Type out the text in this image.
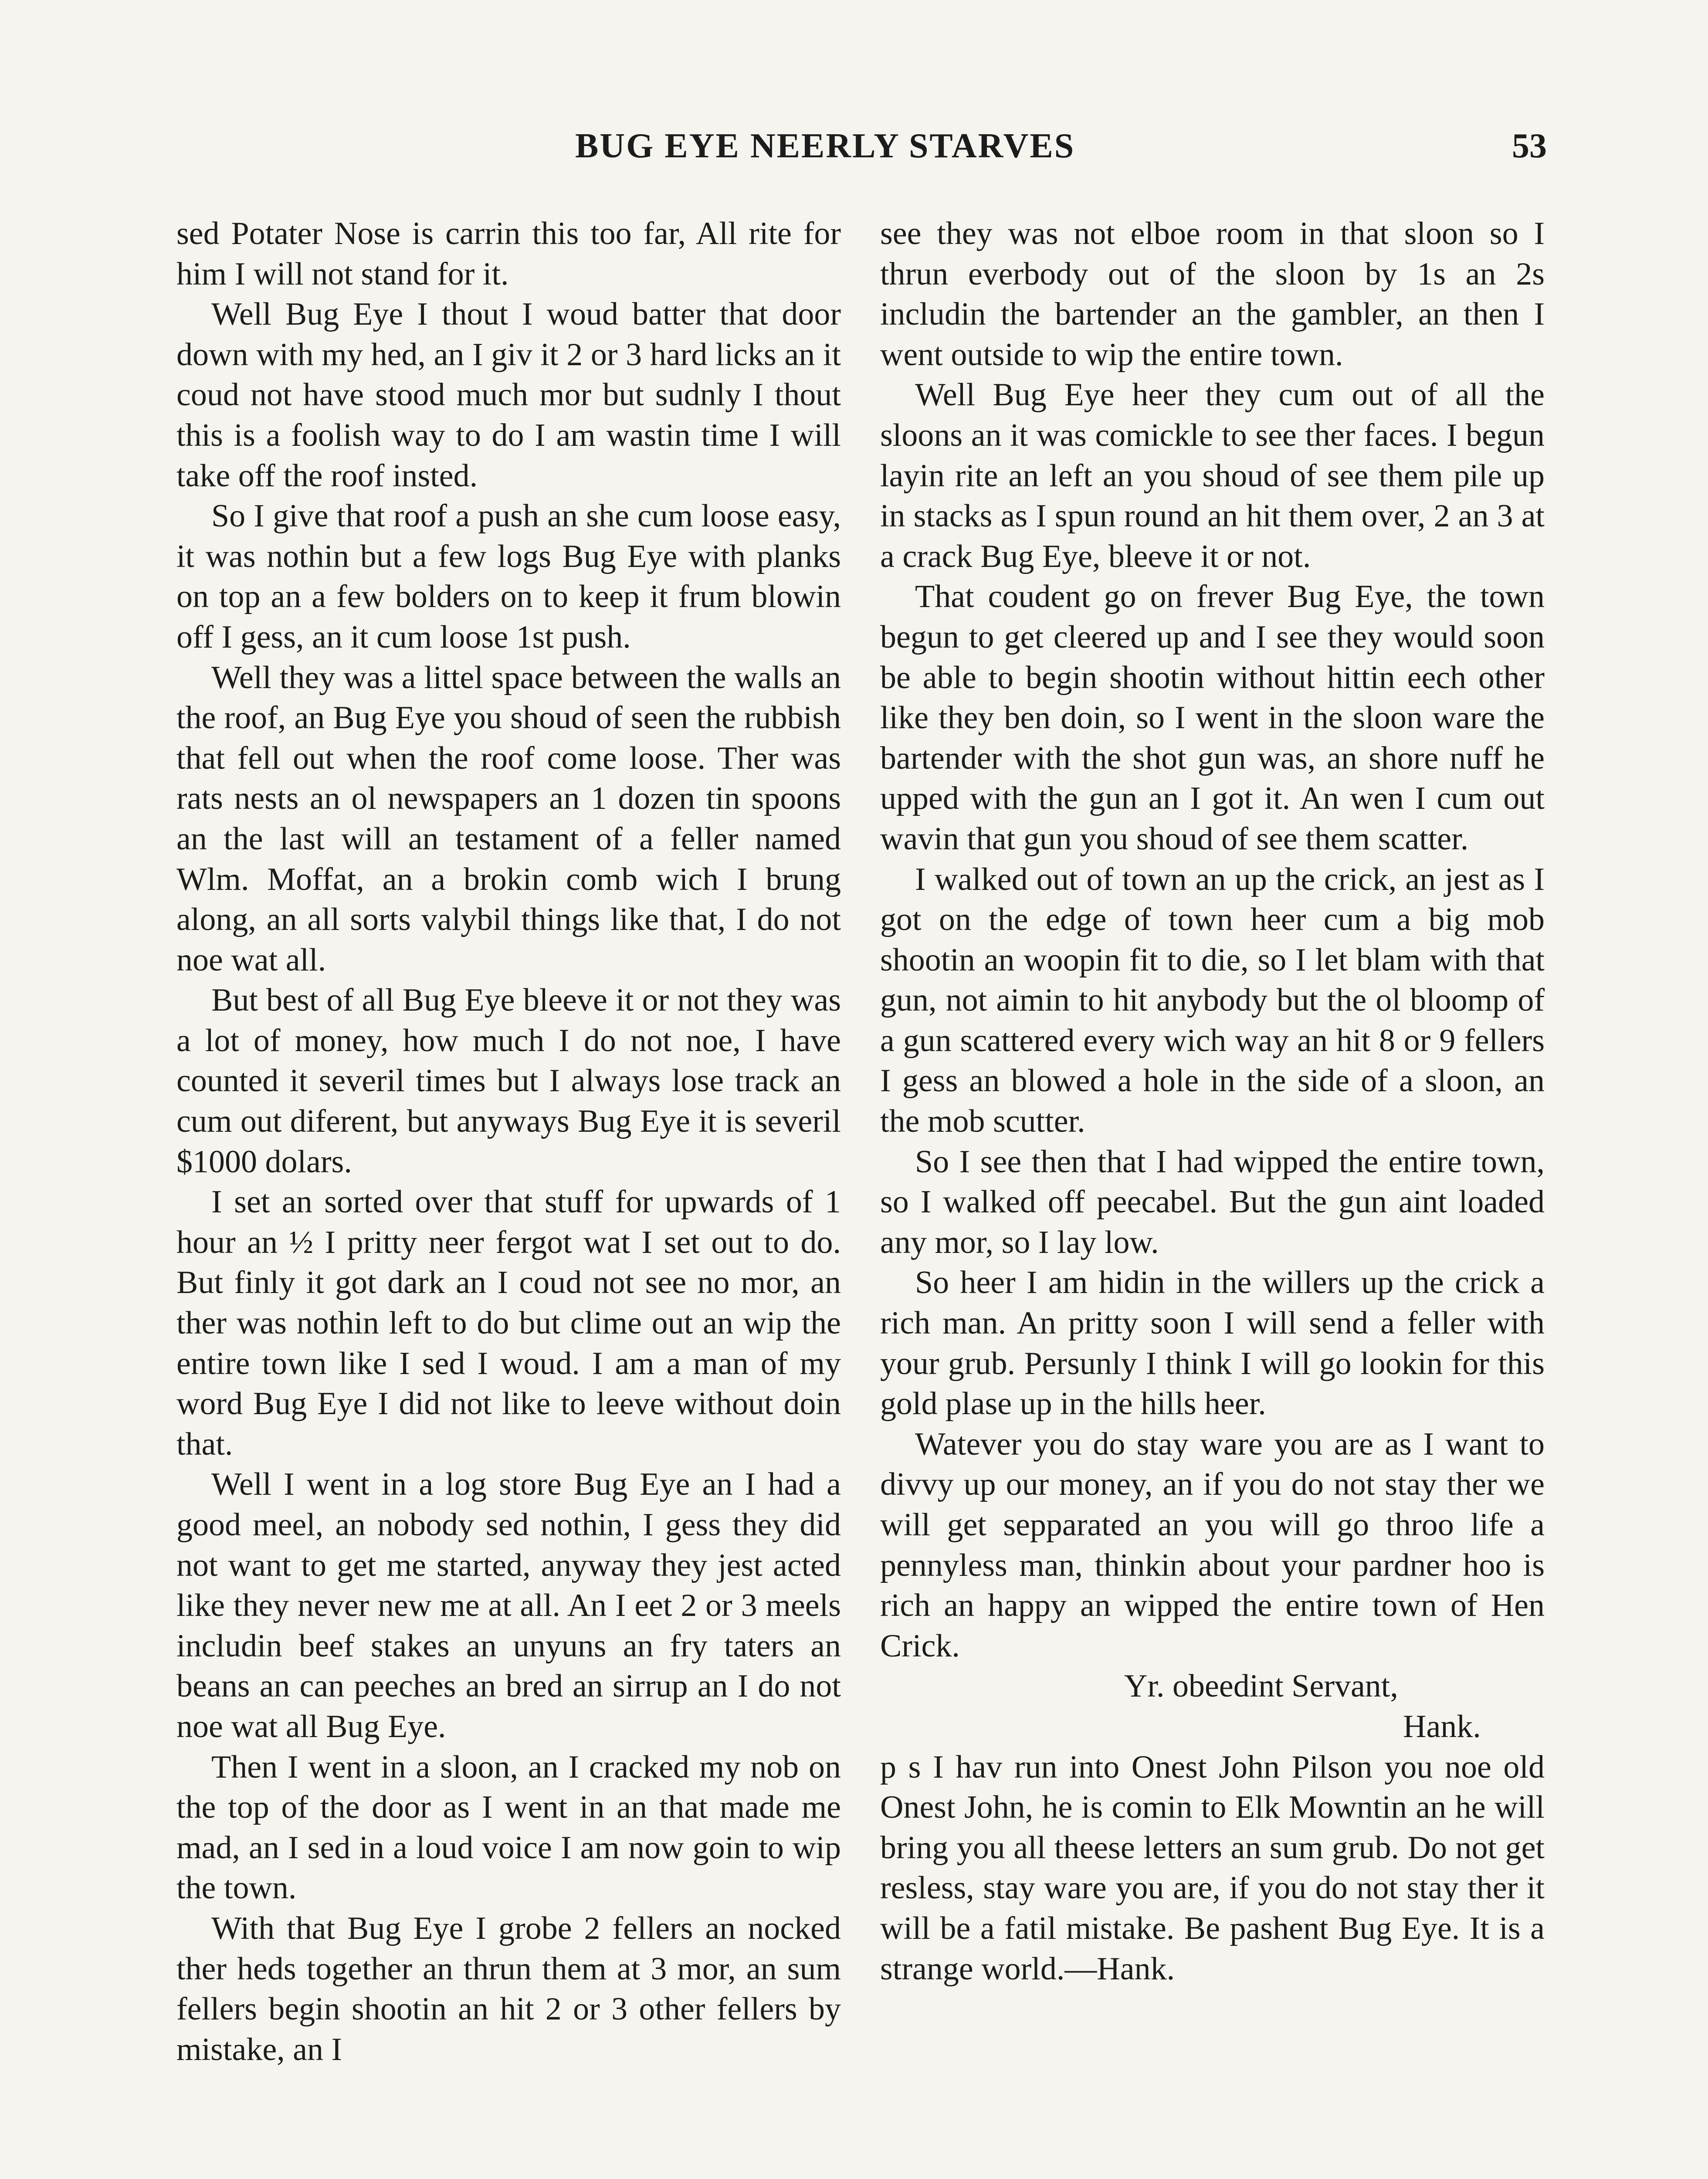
BUG EYE NEERLY STARVES	53

sed Potater Nose is carrin this too far, All rite for him I will not stand for it.

Well Bug Eye I thout I woud batter that door down with my hed, an I giv it 2 or 3 hard licks an it coud not have stood much mor but sudnly I thout this is a foolish way to do I am wastin time I will take off the roof insted.

So I give that roof a push an she cum loose easy, it was nothin but a few logs Bug Eye with planks on top an a few bolders on to keep it frum blowin off I gess, an it cum loose 1st push.

Well they was a littel space between the walls an the roof, an Bug Eye you shoud of seen the rubbish that fell out when the roof come loose. Ther was rats nests an ol newspapers an 1 dozen tin spoons an the last will an testament of a feller named Wlm. Moffat, an a brokin comb wich I brung along, an all sorts valybil things like that, I do not noe wat all.

But best of all Bug Eye bleeve it or not they was a lot of money, how much I do not noe, I have counted it severil times but I always lose track an cum out diferent, but anyways Bug Eye it is severil $1000 dolars.

I set an sorted over that stuff for upwards of 1 hour an ½ I pritty neer fergot wat I set out to do. But finly it got dark an I coud not see no mor, an ther was nothin left to do but clime out an wip the entire town like I sed I woud. I am a man of my word Bug Eye I did not like to leeve without doin that.

Well I went in a log store Bug Eye an I had a good meel, an nobody sed nothin, I gess they did not want to get me started, anyway they jest acted like they never new me at all. An I eet 2 or 3 meels includin beef stakes an unyuns an fry taters an beans an can peeches an bred an sirrup an I do not noe wat all Bug Eye.

Then I went in a sloon, an I cracked my nob on the top of the door as I went in an that made me mad, an I sed in a loud voice I am now goin to wip the town.

With that Bug Eye I grobe 2 fellers an nocked ther heds together an thrun them at 3 mor, an sum fellers begin shootin an hit 2 or 3 other fellers by mistake, an I

see they was not elboe room in that sloon so I thrun everbody out of the sloon by 1s an 2s includin the bartender an the gambler, an then I went outside to wip the entire town.

Well Bug Eye heer they cum out of all the sloons an it was comickle to see ther faces. I begun layin rite an left an you shoud of see them pile up in stacks as I spun round an hit them over, 2 an 3 at a crack Bug Eye, bleeve it or not.

That coudent go on frever Bug Eye, the town begun to get cleered up and I see they would soon be able to begin shootin without hittin eech other like they ben doin, so I went in the sloon ware the bartender with the shot gun was, an shore nuff he upped with the gun an I got it. An wen I cum out wavin that gun you shoud of see them scatter.

I walked out of town an up the crick, an jest as I got on the edge of town heer cum a big mob shootin an woopin fit to die, so I let blam with that gun, not aimin to hit anybody but the ol bloomp of a gun scattered every wich way an hit 8 or 9 fellers I gess an blowed a hole in the side of a sloon, an the mob scutter.

So I see then that I had wipped the entire town, so I walked off peecabel. But the gun aint loaded any mor, so I lay low.

So heer I am hidin in the willers up the crick a rich man. An pritty soon I will send a feller with your grub. Persunly I think I will go lookin for this gold plase up in the hills heer.

Watever you do stay ware you are as I want to divvy up our money, an if you do not stay ther we will get sepparated an you will go throo life a pennyless man, thinkin about your pardner hoo is rich an happy an wipped the entire town of Hen Crick.

Yr. obeedint Servant,

Hank.

p s I hav run into Onest John Pilson you noe old Onest John, he is comin to Elk Mowntin an he will bring you all theese letters an sum grub. Do not get resless, stay ware you are, if you do not stay ther it will be a fatil mistake. Be pashent Bug Eye. It is a strange world.—Hank.
